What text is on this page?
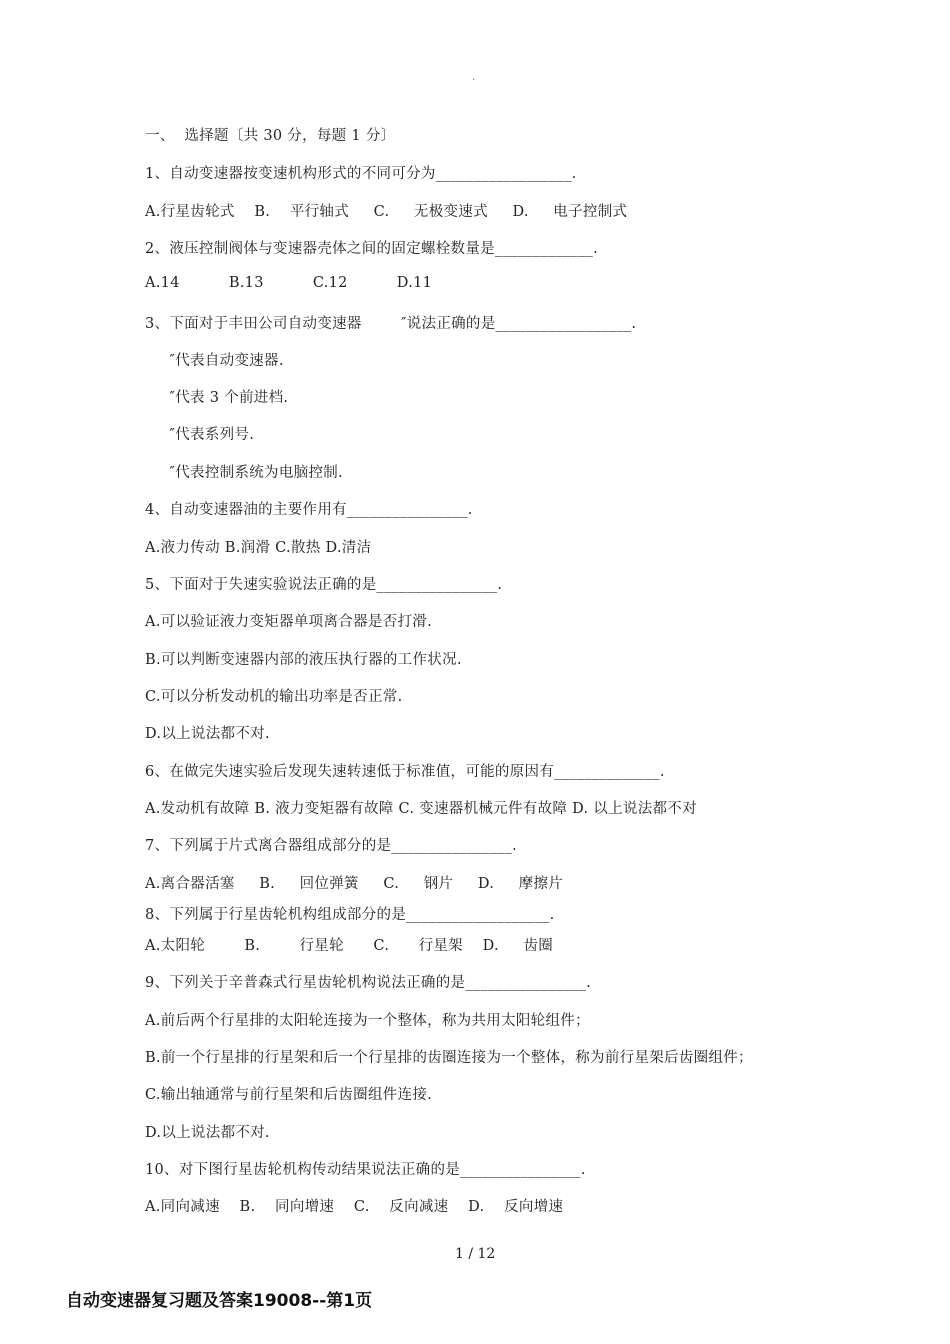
.
一、  选择题〔共 30 分，每题 1 分〕
1、自动变速器按变速机构形式的不同可分为__________________.
A.行星齿轮式    B.    平行轴式     C.     无极变速式     D.     电子控制式
2、液压控制阀体与变速器壳体之间的固定螺栓数量是_____________.
A.14          B.13          C.12          D.11
3、下面对于丰田公司自动变速器        ″说法正确的是__________________.
″代表自动变速器.
″代表 3 个前进档.
″代表系列号.
″代表控制系统为电脑控制.
4、自动变速器油的主要作用有________________.
A.液力传动 B.润滑 C.散热 D.清洁
5、下面对于失速实验说法正确的是________________.
A.可以验证液力变矩器单项离合器是否打滑.
B.可以判断变速器内部的液压执行器的工作状况.
C.可以分析发动机的输出功率是否正常.
D.以上说法都不对.
6、在做完失速实验后发现失速转速低于标准值，可能的原因有______________.
A.发动机有故障 B. 液力变矩器有故障 C. 变速器机械元件有故障 D. 以上说法都不对
7、下列属于片式离合器组成部分的是________________.
A.离合器活塞     B.     回位弹簧     C.     钢片     D.     摩擦片
8、下列属于行星齿轮机构组成部分的是___________________.
A.太阳轮        B.        行星轮      C.      行星架    D.     齿圈
9、下列关于辛普森式行星齿轮机构说法正确的是________________.
A.前后两个行星排的太阳轮连接为一个整体，称为共用太阳轮组件；
B.前一个行星排的行星架和后一个行星排的齿圈连接为一个整体，称为前行星架后齿圈组件；
C.输出轴通常与前行星架和后齿圈组件连接.
D.以上说法都不对.
10、对下图行星齿轮机构传动结果说法正确的是________________.
A.同向减速    B.    同向增速    C.    反向减速    D.    反向增速
1 / 12
自动变速器复习题及答案19008--第1页
